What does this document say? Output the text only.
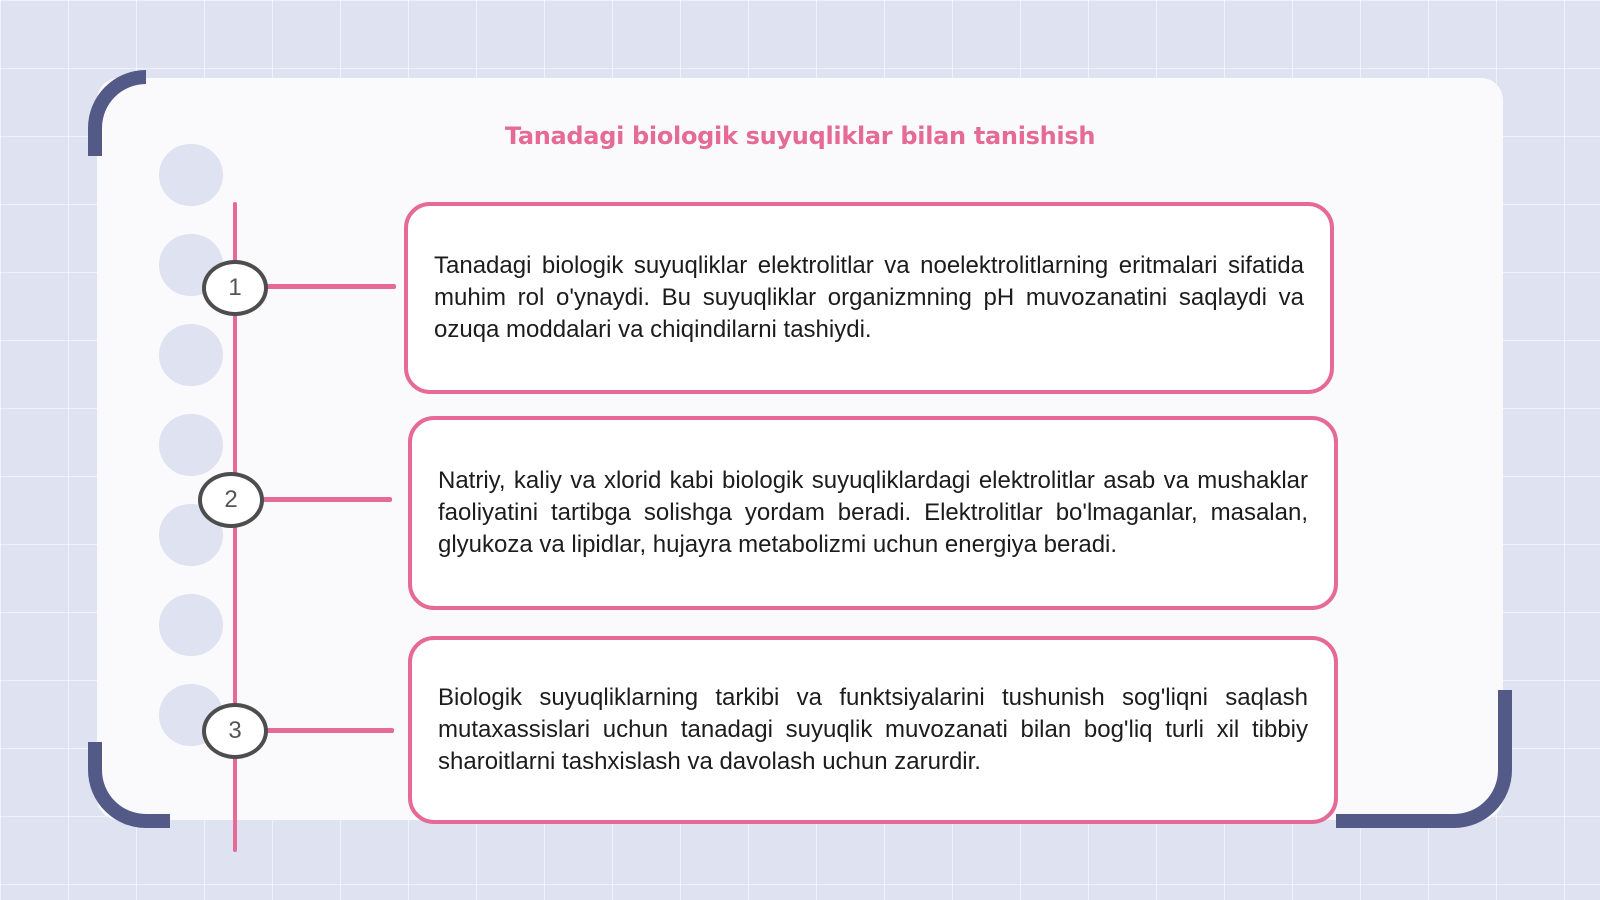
Tanadagi biologik suyuqliklar bilan tanishish
1
Tanadagi biologik suyuqliklar elektrolitlar va noelektrolitlarning eritmalari sifatida muhim rol o'ynaydi. Bu suyuqliklar organizmning pH muvozanatini saqlaydi va ozuqa moddalari va chiqindilarni tashiydi.
2
Natriy, kaliy va xlorid kabi biologik suyuqliklardagi elektrolitlar asab va mushaklar faoliyatini tartibga solishga yordam beradi. Elektrolitlar bo'lmaganlar, masalan, glyukoza va lipidlar, hujayra metabolizmi uchun energiya beradi.
3
Biologik suyuqliklarning tarkibi va funktsiyalarini tushunish sog'liqni saqlash mutaxassislari uchun tanadagi suyuqlik muvozanati bilan bog'liq turli xil tibbiy sharoitlarni tashxislash va davolash uchun zarurdir.
